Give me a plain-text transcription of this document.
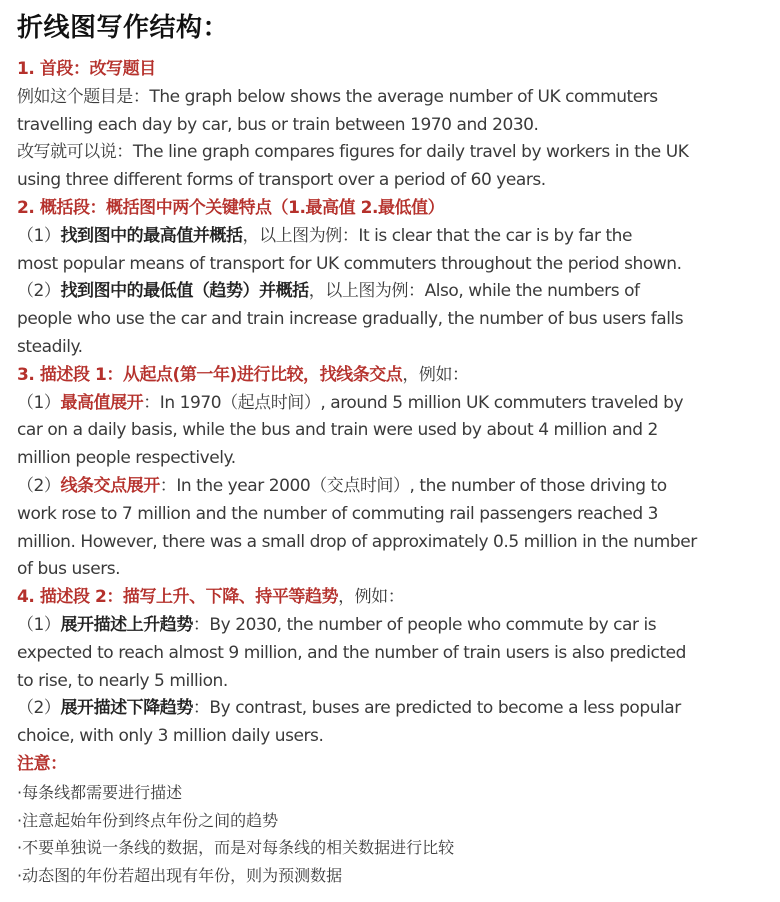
折线图写作结构：
1. 首段：改写题目
例如这个题目是：The graph below shows the average number of UK commuters
travelling each day by car, bus or train between 1970 and 2030.
改写就可以说：The line graph compares figures for daily travel by workers in the UK
using three different forms of transport over a period of 60 years.
2. 概括段：概括图中两个关键特点（1.最高值 2.最低值）
（1）找到图中的最高值并概括，以上图为例：It is clear that the car is by far the
most popular means of transport for UK commuters throughout the period shown.
（2）找到图中的最低值（趋势）并概括，以上图为例：Also, while the numbers of
people who use the car and train increase gradually, the number of bus users falls
steadily.
3. 描述段 1：从起点(第一年)进行比较，找线条交点，例如：
（1）最高值展开：In 1970（起点时间）, around 5 million UK commuters traveled by
car on a daily basis, while the bus and train were used by about 4 million and 2
million people respectively.
（2）线条交点展开：In the year 2000（交点时间）, the number of those driving to
work rose to 7 million and the number of commuting rail passengers reached 3
million. However, there was a small drop of approximately 0.5 million in the number
of bus users.
4. 描述段 2：描写上升、下降、持平等趋势，例如：
（1）展开描述上升趋势：By 2030, the number of people who commute by car is
expected to reach almost 9 million, and the number of train users is also predicted
to rise, to nearly 5 million.
（2）展开描述下降趋势：By contrast, buses are predicted to become a less popular
choice, with only 3 million daily users.
注意：
·每条线都需要进行描述
·注意起始年份到终点年份之间的趋势
·不要单独说一条线的数据，而是对每条线的相关数据进行比较
·动态图的年份若超出现有年份，则为预测数据
